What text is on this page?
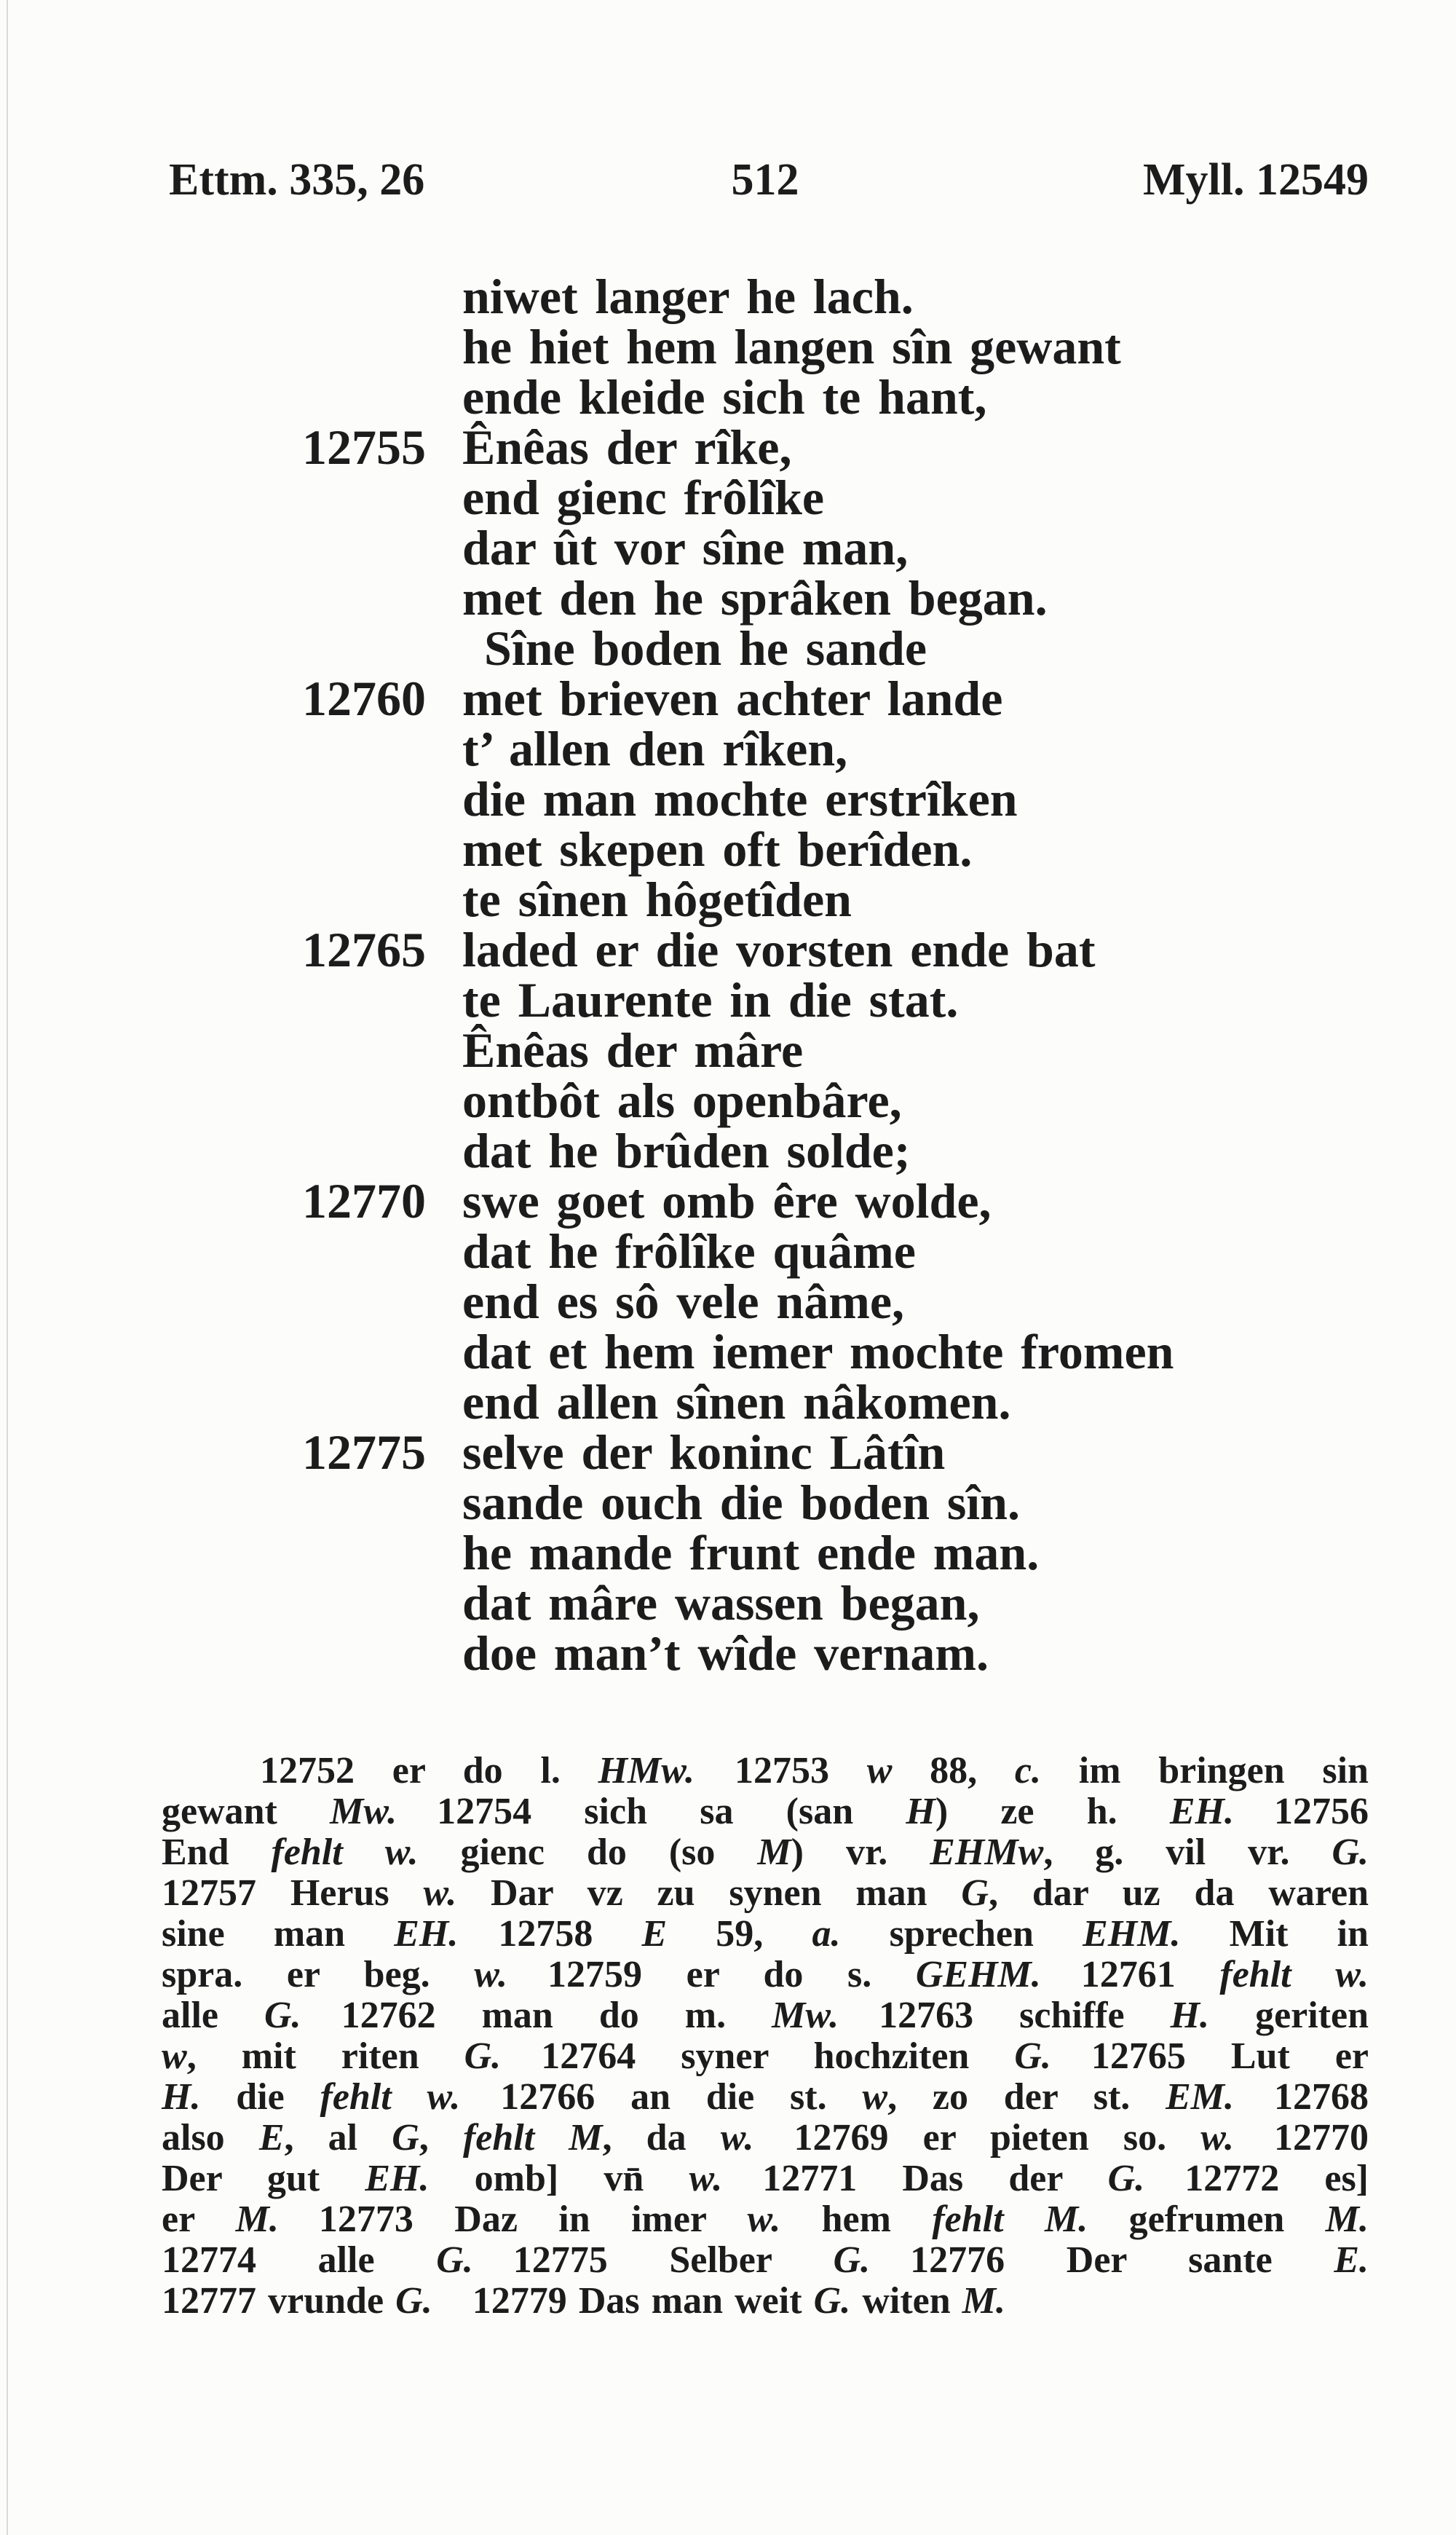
Ettm. 335, 26	512	Myll. 12549
niwet langer he lach.
he hiet hem langen sîn gewant
ende kleide sich te hant,
12755 Ênêas der rîke,
end gienc frôlîke
dar ût vor sîne man,
met den he sprâken began.
Sîne boden he sande
12760 met brieven achter lande
t’ allen den rîken,
die man mochte erstrîken
met skepen oft berîden.
te sînen hôgetîden
12765 laded er die vorsten ende bat
te Laurente in die stat.
Ênêas der mâre
ontbôt als openbâre,
dat he brûden solde;
12770 swe goet omb êre wolde,
dat he frôlîke quâme
end es sô vele nâme,
dat et hem iemer mochte fromen
end allen sînen nâkomen.
12775 selve der koninc Lâtîn
sande ouch die boden sîn.
he mande frunt ende man.
dat mâre wassen began,
doe man’t wîde vernam.
12752 er do l. HMw. 12753 w 88, c. im bringen sin
gewant Mw. 12754 sich sa (san H) ze h. EH. 12756
End fehlt w. gienc do (so M) vr. EHMw, g. vil vr. G.
12757 Herus w. Dar vz zu synen man G, dar uz da waren
sine man EH. 12758 E 59, a. sprechen EHM. Mit in
spra. er beg. w. 12759 er do s. GEHM. 12761 fehlt w.
alle G. 12762 man do m. Mw. 12763 schiffe H. geriten
w, mit riten G. 12764 syner hochziten G. 12765 Lut er
H. die fehlt w. 12766 an die st. w, zo der st. EM. 12768
also E, al G, fehlt M, da w. 12769 er pieten so. w. 12770
Der gut EH. omb] vn̄ w. 12771 Das der G. 12772 es]
er M. 12773 Daz in imer w. hem fehlt M. gefrumen M.
12774 alle G. 12775 Selber G. 12776 Der sante E.
12777 vrunde G. 12779 Das man weit G. witen M.
